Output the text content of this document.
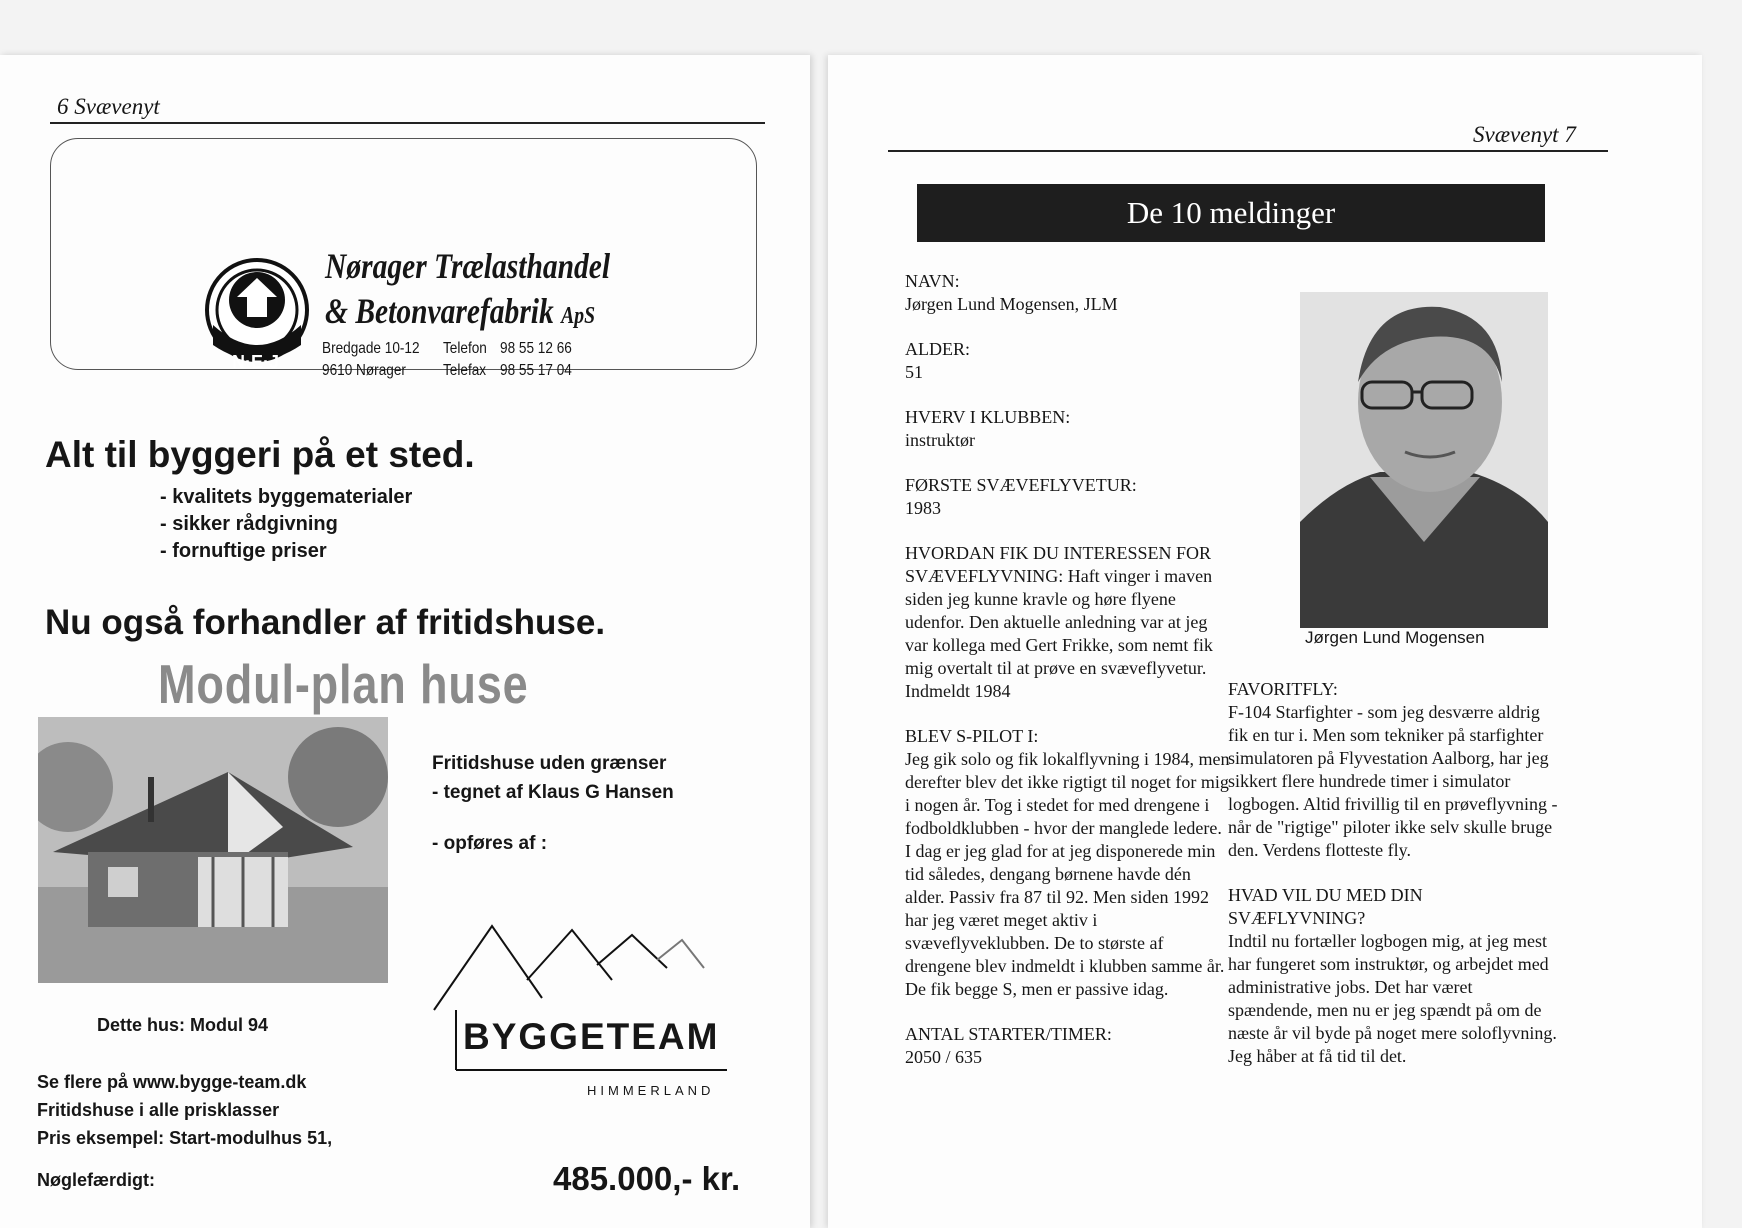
6 Svævenyt
N·E·J
Nørager Trælasthandel
& Betonvarefabrik ApS
Bredgade 10-12
9610 Nørager
Telefon 98 55 12 66
Telefax 98 55 17 04
Alt til byggeri på et sted.
- kvalitets byggematerialer
- sikker rådgivning
- fornuftige priser
Nu også forhandler af fritidshuse.
Modul-plan huse
Fritidshuse uden grænser
- tegnet af Klaus G Hansen
- opføres af :
BYGGETEAM
HIMMERLAND
Dette hus: Modul 94
Se flere på www.bygge-team.dk
Fritidshuse i alle prisklasser
Pris eksempel: Start-modulhus 51,
Nøglefærdigt:	485.000,- kr.
Svævenyt 7
De 10 meldinger
NAVN:
Jørgen Lund Mogensen, JLM
ALDER:
51
HVERV I KLUBBEN:
instruktør
FØRSTE SVÆVEFLYVETUR:
1983
HVORDAN FIK DU INTERESSEN FOR SVÆVEFLYVNING: Haft vinger i maven siden jeg kunne kravle og høre flyene udenfor. Den aktuelle anledning var at jeg var kollega med Gert Frikke, som nemt fik mig overtalt til at prøve en svæveflyvetur. Indmeldt 1984
BLEV S-PILOT I:
Jeg gik solo og fik lokalflyvning i 1984, men derefter blev det ikke rigtigt til noget for mig i nogen år. Tog i stedet for med drengene i fodboldklubben - hvor der manglede ledere. I dag er jeg glad for at jeg disponerede min tid således, dengang børnene havde dén alder. Passiv fra 87 til 92. Men siden 1992 har jeg været meget aktiv i svæveflyveklubben. De to største af drengene blev indmeldt i klubben samme år. De fik begge S, men er passive idag.
ANTAL STARTER/TIMER:
2050 / 635
Jørgen Lund Mogensen
FAVORITFLY:
F-104 Starfighter - som jeg desværre aldrig fik en tur i. Men som tekniker på starfighter simulatoren på Flyvestation Aalborg, har jeg sikkert flere hundrede timer i simulator logbogen. Altid frivillig til en prøveflyvning - når de "rigtige" piloter ikke selv skulle bruge den. Verdens flotteste fly.
HVAD VIL DU MED DIN SVÆFLYVNING?
Indtil nu fortæller logbogen mig, at jeg mest har fungeret som instruktør, og arbejdet med administrative jobs. Det har været spændende, men nu er jeg spændt på om de næste år vil byde på noget mere soloflyvning. Jeg håber at få tid til det.
